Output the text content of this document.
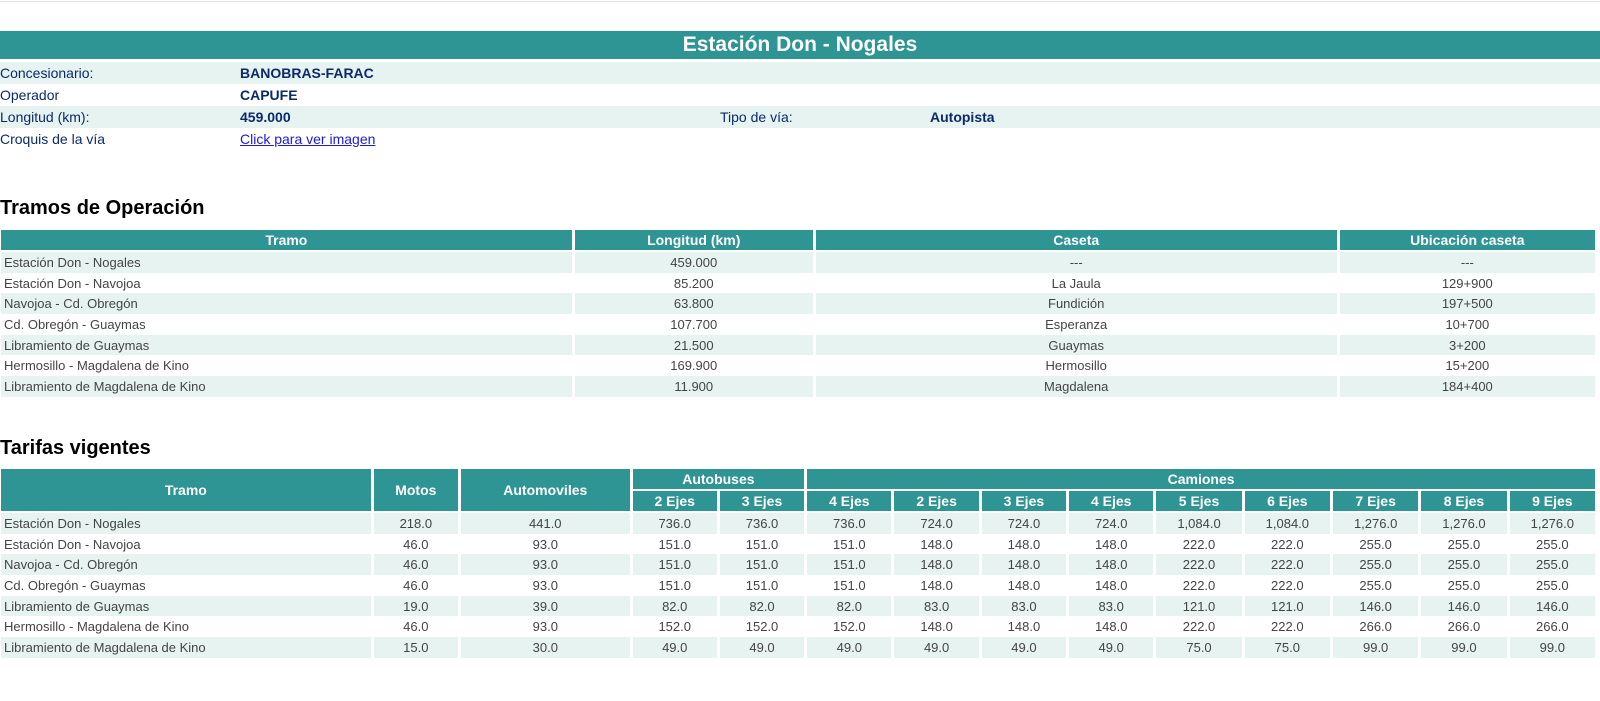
Estación Don - Nogales
Concesionario:	BANOBRAS-FARAC
Operador	CAPUFE
Longitud (km):	459.000	Tipo de vía:	Autopista
Croquis de la vía	Click para ver imagen
Tramos de Operación
Tramo	Longitud (km)	Caseta	Ubicación caseta
Estación Don - Nogales	459.000	---	---
Estación Don - Navojoa	85.200	La Jaula	129+900
Navojoa - Cd. Obregón	63.800	Fundición	197+500
Cd. Obregón - Guaymas	107.700	Esperanza	10+700
Libramiento de Guaymas	21.500	Guaymas	3+200
Hermosillo - Magdalena de Kino	169.900	Hermosillo	15+200
Libramiento de Magdalena de Kino	11.900	Magdalena	184+400
Tarifas vigentes
Tramo	Motos	Automoviles	Autobuses		Camiones								
			2 Ejes	3 Ejes	4 Ejes	2 Ejes	3 Ejes	4 Ejes	5 Ejes	6 Ejes	7 Ejes	8 Ejes	9 Ejes
Estación Don - Nogales	218.0	441.0	736.0	736.0	736.0	724.0	724.0	724.0	1,084.0	1,084.0	1,276.0	1,276.0	1,276.0
Estación Don - Navojoa	46.0	93.0	151.0	151.0	151.0	148.0	148.0	148.0	222.0	222.0	255.0	255.0	255.0
Navojoa - Cd. Obregón	46.0	93.0	151.0	151.0	151.0	148.0	148.0	148.0	222.0	222.0	255.0	255.0	255.0
Cd. Obregón - Guaymas	46.0	93.0	151.0	151.0	151.0	148.0	148.0	148.0	222.0	222.0	255.0	255.0	255.0
Libramiento de Guaymas	19.0	39.0	82.0	82.0	82.0	83.0	83.0	83.0	121.0	121.0	146.0	146.0	146.0
Hermosillo - Magdalena de Kino	46.0	93.0	152.0	152.0	152.0	148.0	148.0	148.0	222.0	222.0	266.0	266.0	266.0
Libramiento de Magdalena de Kino	15.0	30.0	49.0	49.0	49.0	49.0	49.0	49.0	75.0	75.0	99.0	99.0	99.0
